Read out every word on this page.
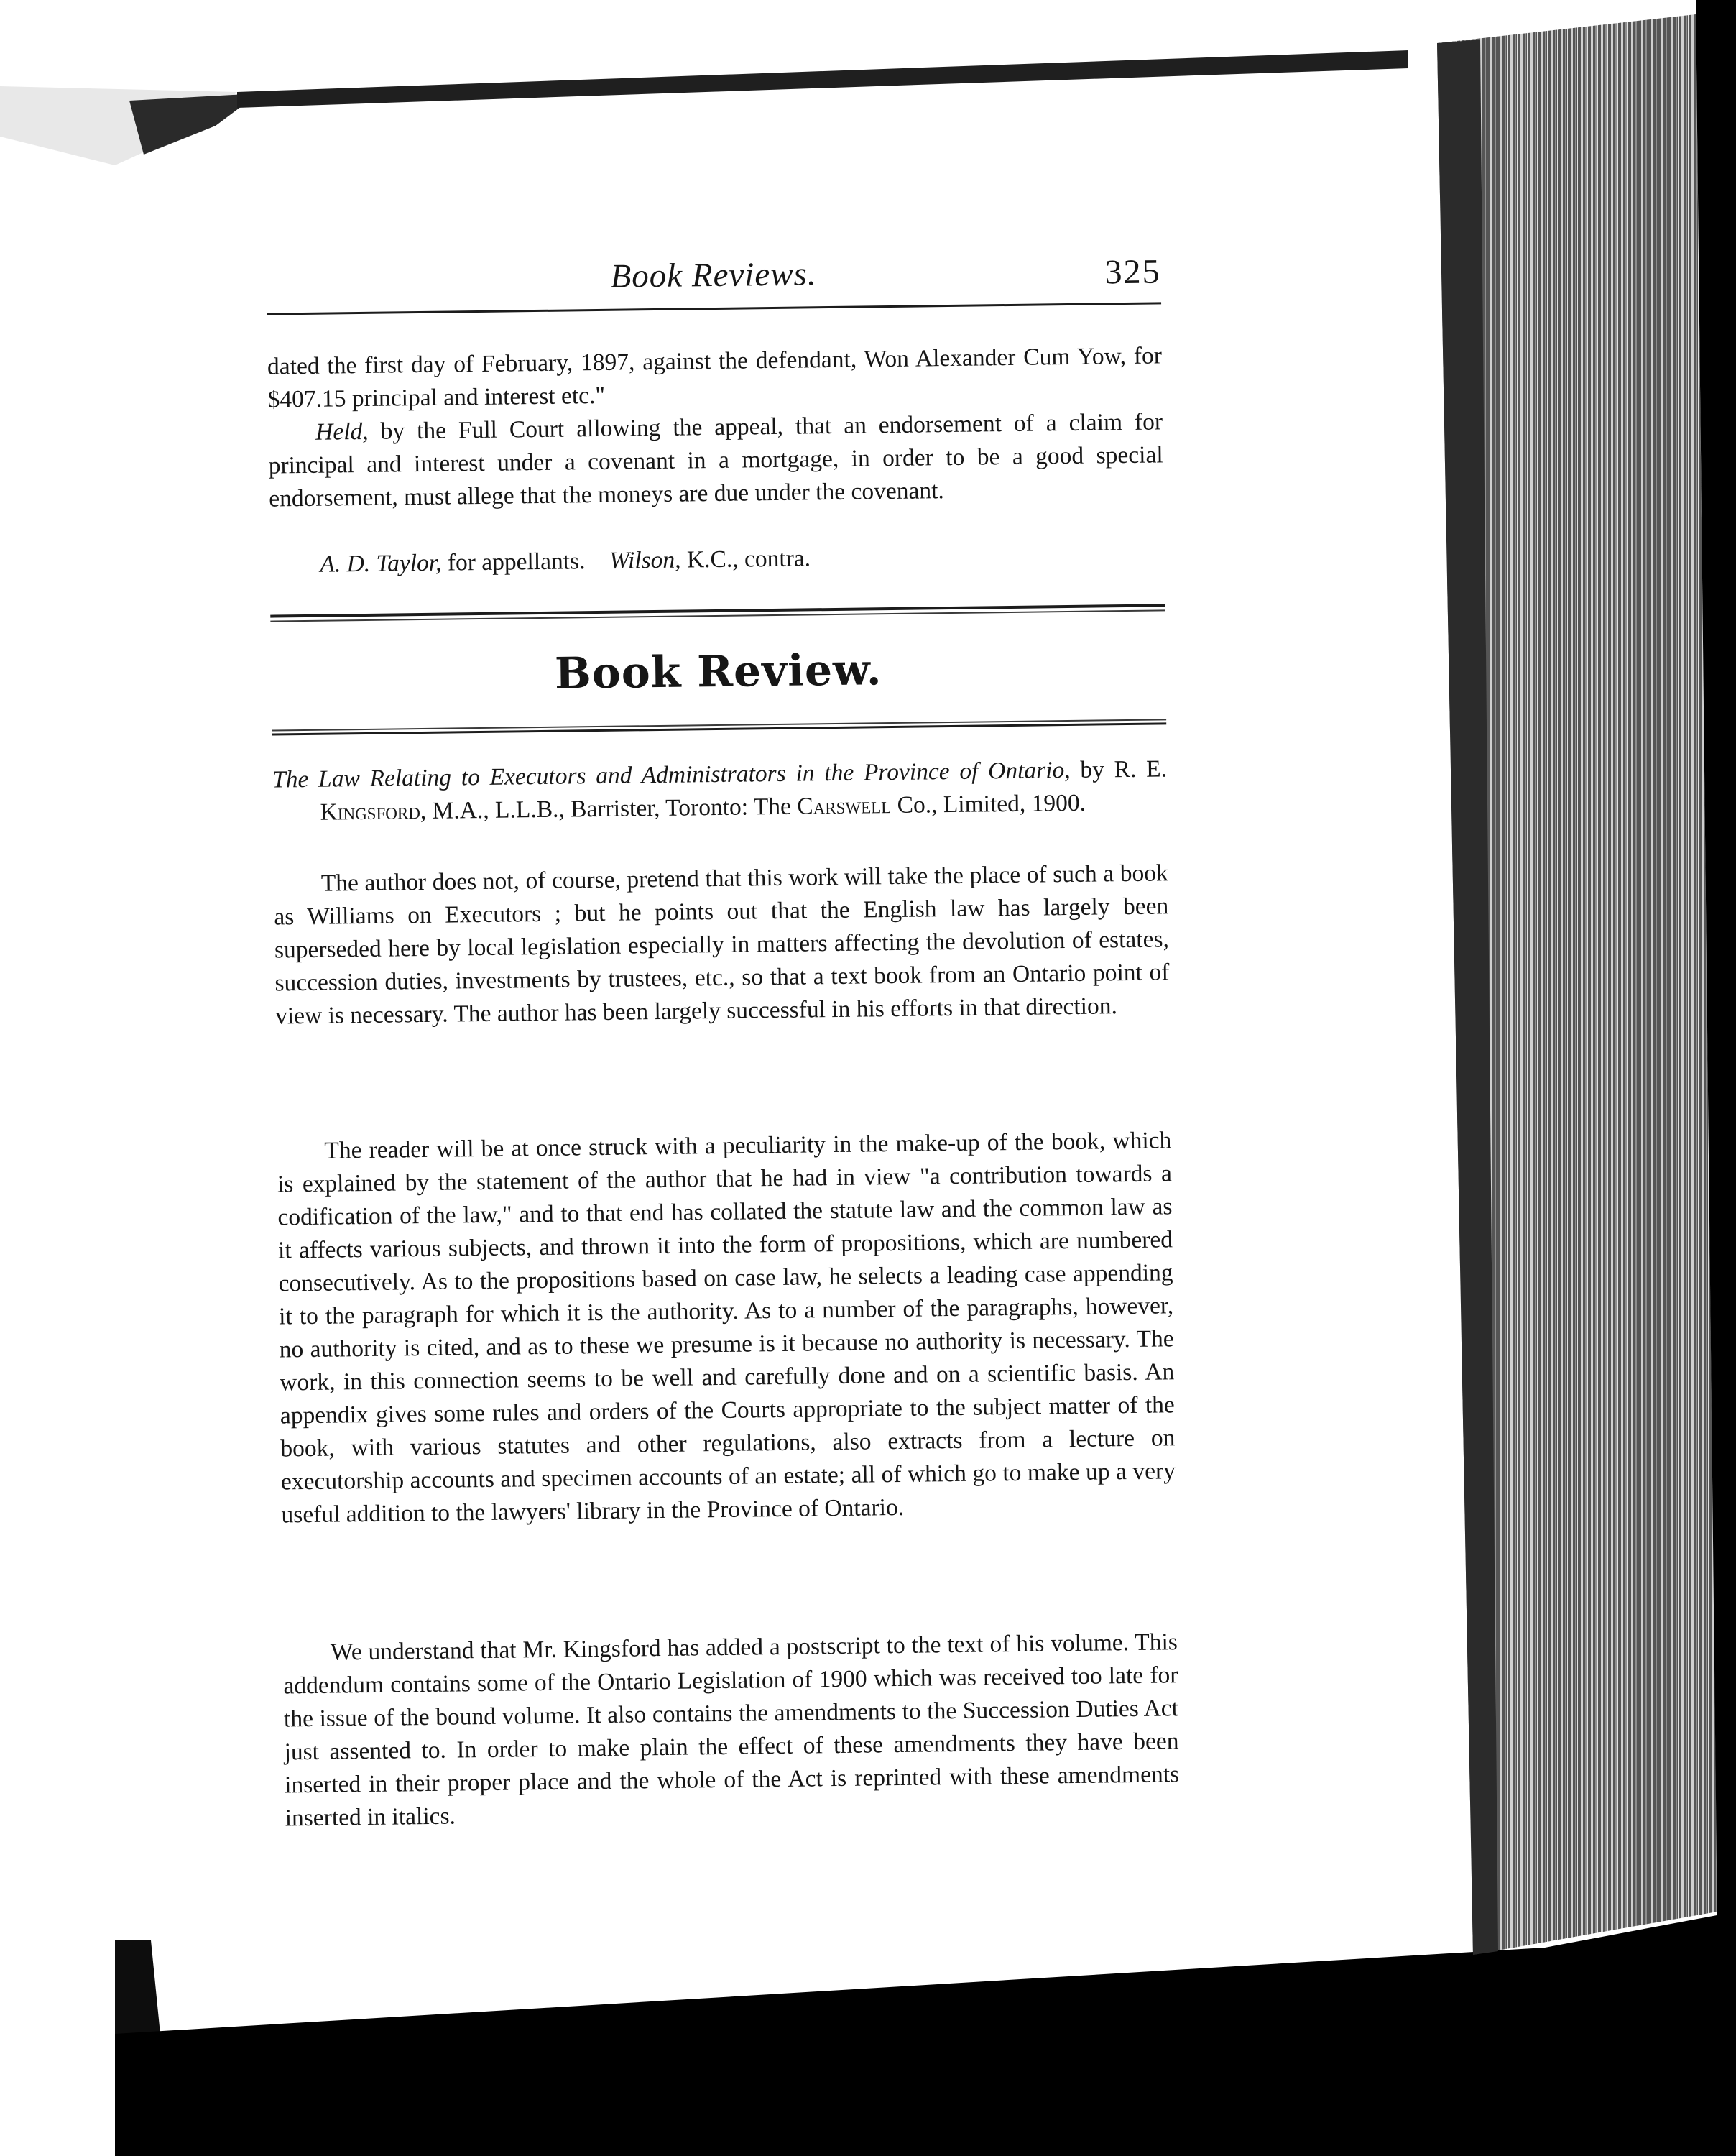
Book Reviews.	325

dated the first day of February, 1897, against the defendant, Won Alexander Cum Yow, for $407.15 principal and interest etc."

Held, by the Full Court allowing the appeal, that an endorsement of a claim for principal and interest under a covenant in a mortgage, in order to be a good special endorsement, must allege that the moneys are due under the covenant.

A. D. Taylor, for appellants. Wilson, K.C., contra.

Book Review.

The Law Relating to Executors and Administrators in the Province of Ontario, by R. E. Kingsford, M.A., L.L.B., Barrister, Toronto: The Carswell Co., Limited, 1900.

The author does not, of course, pretend that this work will take the place of such a book as Williams on Executors ; but he points out that the English law has largely been superseded here by local legislation especially in matters affecting the devolution of estates, succession duties, investments by trustees, etc., so that a text book from an Ontario point of view is necessary. The author has been largely successful in his efforts in that direction.

The reader will be at once struck with a peculiarity in the make-up of the book, which is explained by the statement of the author that he had in view "a contribution towards a codification of the law," and to that end has collated the statute law and the common law as it affects various subjects, and thrown it into the form of propositions, which are numbered consecutively. As to the propositions based on case law, he selects a leading case appending it to the paragraph for which it is the authority. As to a number of the paragraphs, however, no authority is cited, and as to these we presume is it because no authority is necessary. The work, in this connection seems to be well and carefully done and on a scientific basis. An appendix gives some rules and orders of the Courts appropriate to the subject matter of the book, with various statutes and other regulations, also extracts from a lecture on executorship accounts and specimen accounts of an estate; all of which go to make up a very useful addition to the lawyers' library in the Province of Ontario.

We understand that Mr. Kingsford has added a postscript to the text of his volume. This addendum contains some of the Ontario Legislation of 1900 which was received too late for the issue of the bound volume. It also contains the amendments to the Succession Duties Act just assented to. In order to make plain the effect of these amendments they have been inserted in their proper place and the whole of the Act is reprinted with these amendments inserted in italics.
